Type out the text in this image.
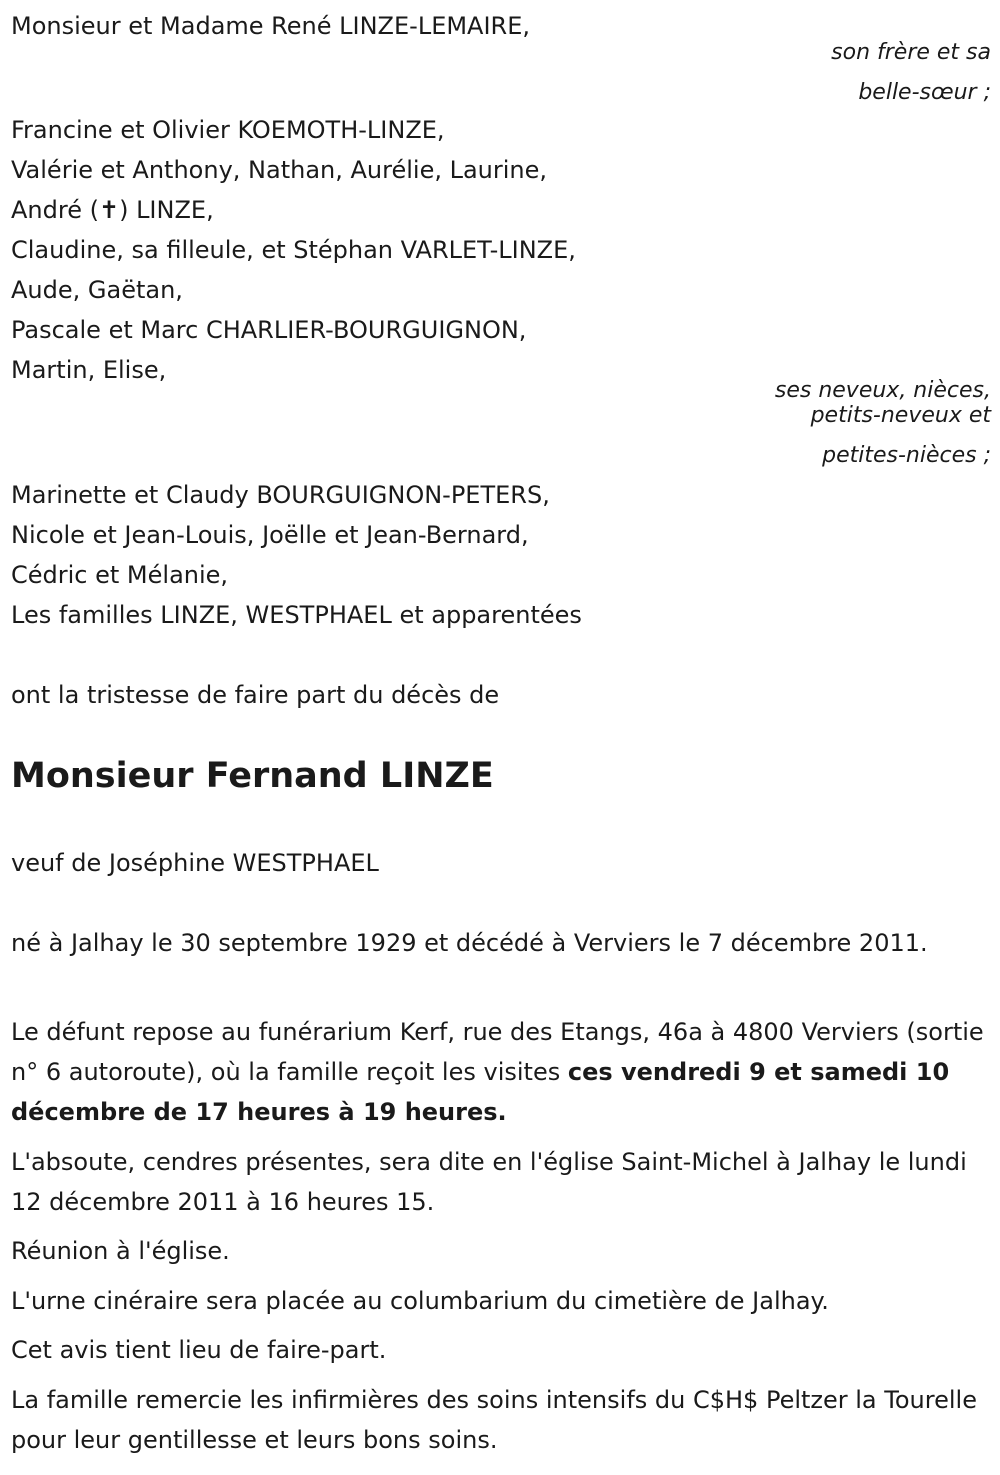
Monsieur et Madame René LINZE-LEMAIRE,
son frère et sa
belle-sœur ;
Francine et Olivier KOEMOTH-LINZE,
Valérie et Anthony, Nathan, Aurélie, Laurine,
André (✝) LINZE,
Claudine, sa filleule, et Stéphan VARLET-LINZE,
Aude, Gaëtan,
Pascale et Marc CHARLIER-BOURGUIGNON,
Martin, Elise,
ses neveux, nièces,
petits-neveux et
petites-nièces ;
Marinette et Claudy BOURGUIGNON-PETERS,
Nicole et Jean-Louis, Joëlle et Jean-Bernard,
Cédric et Mélanie,
Les familles LINZE, WESTPHAEL et apparentées
ont la tristesse de faire part du décès de
Monsieur Fernand LINZE
veuf de Joséphine WESTPHAEL
né à Jalhay le 30 septembre 1929 et décédé à Verviers le 7 décembre 2011.
Le défunt repose au funérarium Kerf, rue des Etangs, 46a à 4800 Verviers (sortie n° 6 autoroute), où la famille reçoit les visites ces vendredi 9 et samedi 10 décembre de 17 heures à 19 heures.
L'absoute, cendres présentes, sera dite en l'église Saint-Michel à Jalhay le lundi 12 décembre 2011 à 16 heures 15.
Réunion à l'église.
L'urne cinéraire sera placée au columbarium du cimetière de Jalhay.
Cet avis tient lieu de faire-part.
La famille remercie les infirmières des soins intensifs du C$H$ Peltzer la Tourelle pour leur gentillesse et leurs bons soins.
